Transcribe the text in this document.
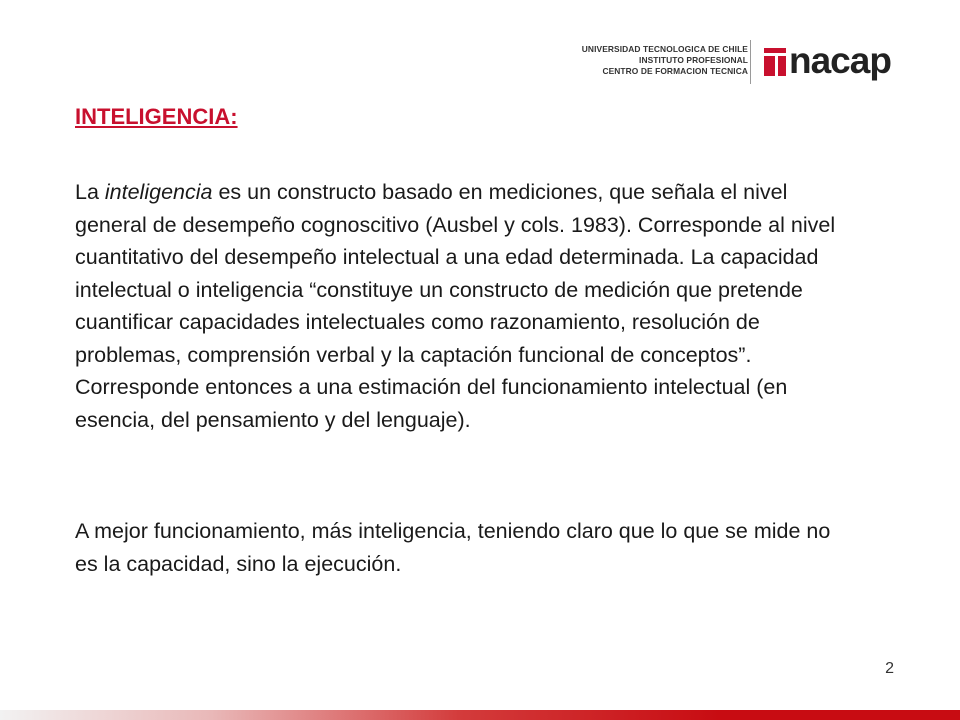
UNIVERSIDAD TECNOLOGICA DE CHILE
INSTITUTO PROFESIONAL
CENTRO DE FORMACION TECNICA nacap
INTELIGENCIA:

La inteligencia es un constructo basado en mediciones, que señala el nivel general de desempeño cognoscitivo (Ausbel y cols. 1983). Corresponde al nivel cuantitativo del desempeño intelectual a una edad determinada. La capacidad intelectual o inteligencia “constituye un constructo de medición que pretende cuantificar capacidades intelectuales como razonamiento, resolución de problemas, comprensión verbal y la captación funcional de conceptos”. Corresponde entonces a una estimación del funcionamiento intelectual (en esencia, del pensamiento y del lenguaje).

A mejor funcionamiento, más inteligencia, teniendo claro que lo que se mide no es la capacidad, sino la ejecución.

2
